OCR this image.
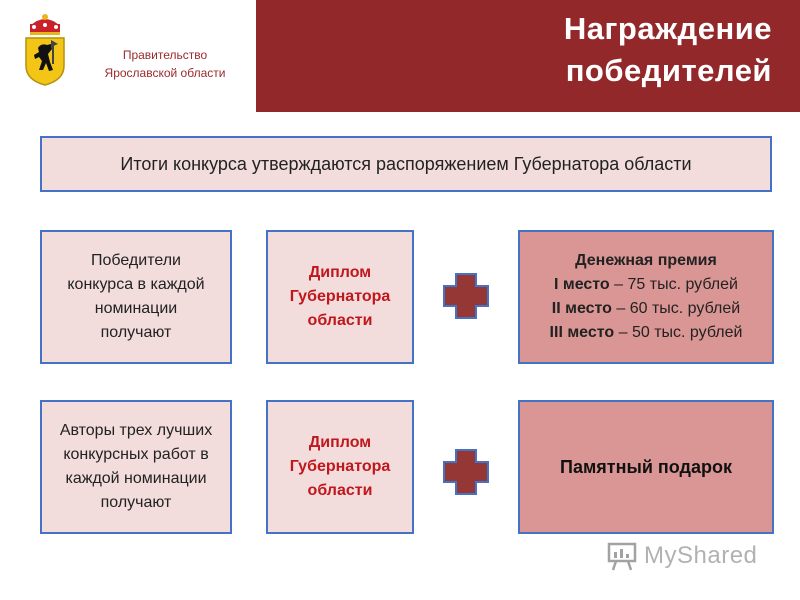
Правительство
Ярославской области
Награждение
победителей
Итоги конкурса утверждаются распоряжением Губернатора области
Победители
конкурса в каждой
номинации
получают
Диплом
Губернатора
области
Денежная премия
I место – 75 тыс. рублей
II место – 60 тыс. рублей
III место – 50 тыс. рублей
Авторы трех лучших
конкурсных работ в
каждой номинации
получают
Диплом
Губернатора
области
Памятный подарок
MyShared
